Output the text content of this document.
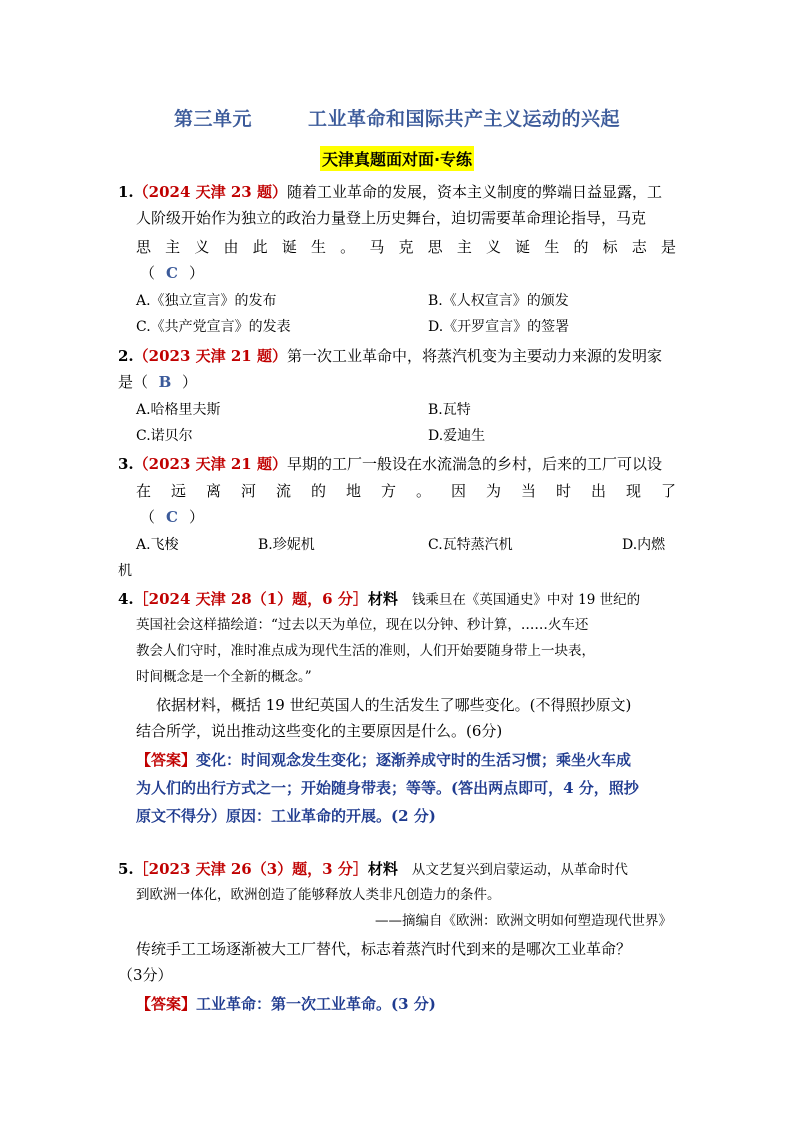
第三单元	工业革命和国际共产主义运动的兴起
天津真题面对面·专练
1.（2024 天津 23 题）随着工业革命的发展，资本主义制度的弊端日益显露，工
人阶级开始作为独立的政治力量登上历史舞台，迫切需要革命理论指导，马克
思主义由此诞生。马克思主义诞生的标志是
（ C ）
A.《独立宣言》的发布	B.《人权宣言》的颁发
C.《共产党宣言》的发表	D.《开罗宣言》的签署
2.（2023 天津 21 题）第一次工业革命中，将蒸汽机变为主要动力来源的发明家
是（ B ）
A.哈格里夫斯	B.瓦特
C.诺贝尔	D.爱迪生
3.（2023 天津 21 题）早期的工厂一般设在水流湍急的乡村，后来的工厂可以设
在远离河流的地方。因为当时出现了
（ C ）
A.飞梭	B.珍妮机	C.瓦特蒸汽机	D.内燃
机
4.［2024 天津 28（1）题，6 分］材料 钱乘旦在《英国通史》中对 19 世纪的
英国社会这样描绘道：“过去以天为单位，现在以分钟、秒计算，……火车还
教会人们守时，准时准点成为现代生活的准则，人们开始要随身带上一块表，
时间概念是一个全新的概念。”
依据材料，概括 19 世纪英国人的生活发生了哪些变化。(不得照抄原文)
结合所学，说出推动这些变化的主要原因是什么。(6分)
【答案】变化：时间观念发生变化；逐渐养成守时的生活习惯；乘坐火车成
为人们的出行方式之一；开始随身带表；等等。(答出两点即可，4 分，照抄
原文不得分）原因：工业革命的开展。(2 分)
5.［2023 天津 26（3）题，3 分］材料 从文艺复兴到启蒙运动，从革命时代
到欧洲一体化，欧洲创造了能够释放人类非凡创造力的条件。
——摘编自《欧洲：欧洲文明如何塑造现代世界》
传统手工工场逐渐被大工厂替代，标志着蒸汽时代到来的是哪次工业革命？
（3分）
【答案】工业革命：第一次工业革命。(3 分)
